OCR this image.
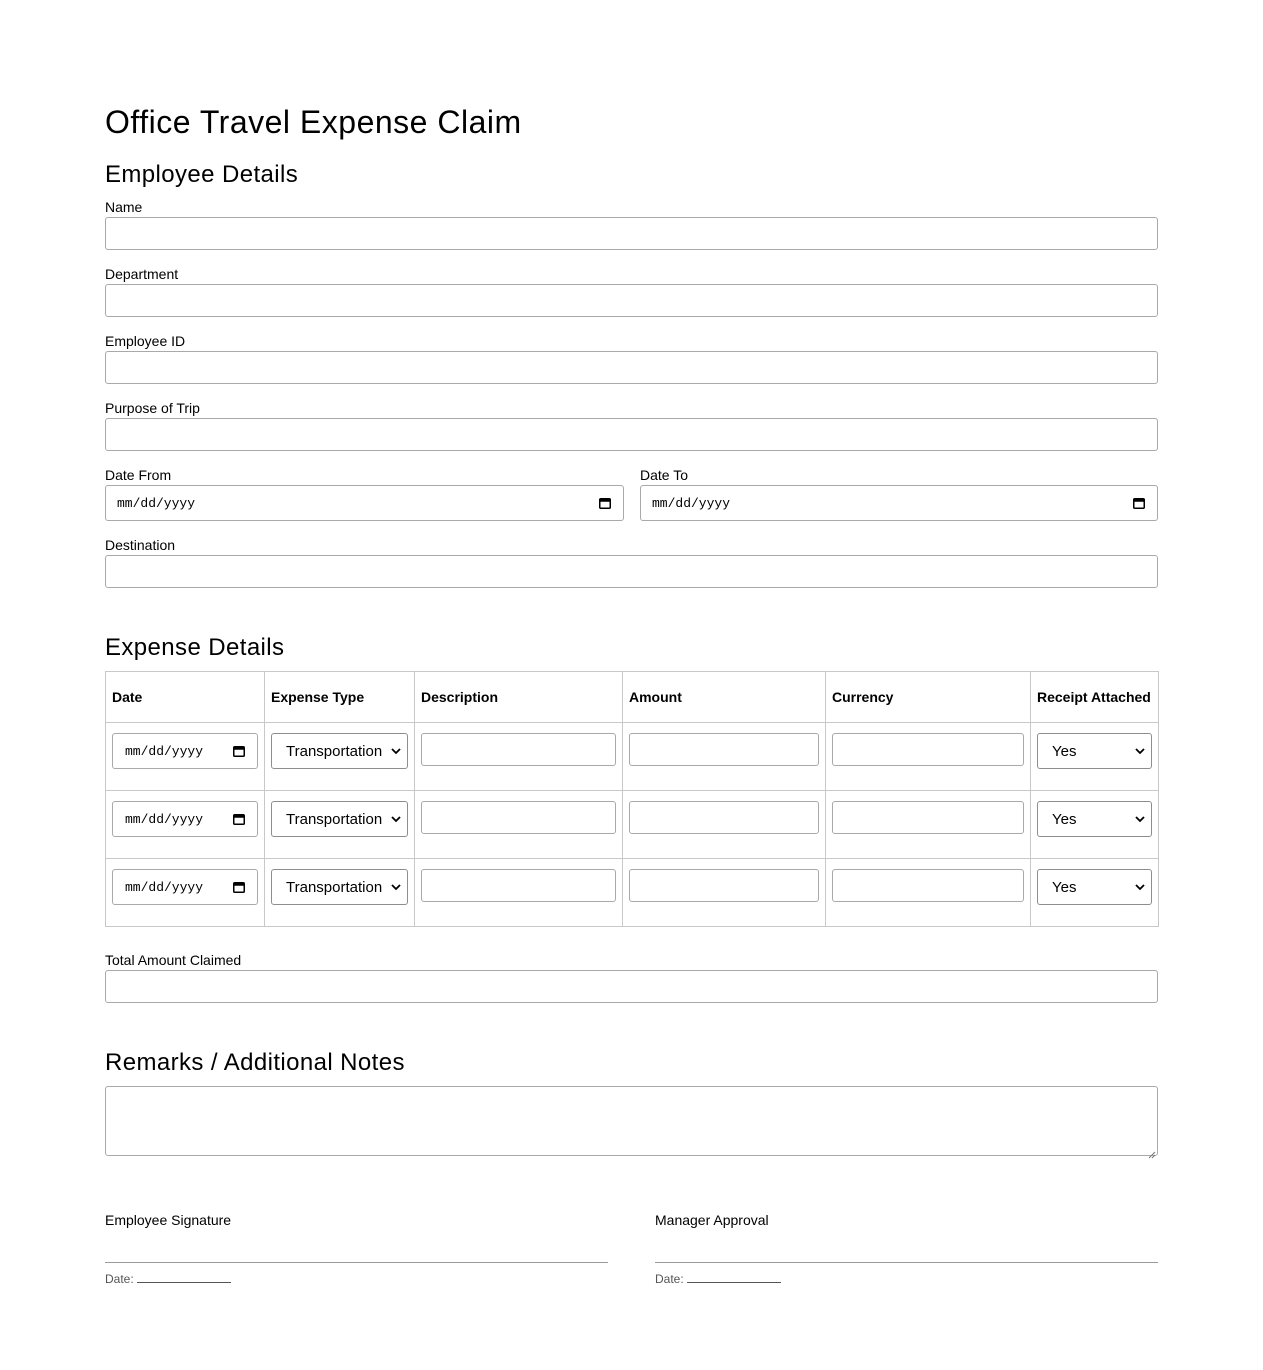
Office Travel Expense Claim
Employee Details
Name
Department
Employee ID
Purpose of Trip
Date From
mm/dd/yyyy
Date To
mm/dd/yyyy
Destination
Expense Details
Date	Expense Type	Description	Amount	Currency	Receipt Attached

mm/dd/yyyy	Transportation				Yes

mm/dd/yyyy	Transportation				Yes

mm/dd/yyyy	Transportation				Yes
Total Amount Claimed
Remarks / Additional Notes
Employee Signature
Date:
Manager Approval
Date:
